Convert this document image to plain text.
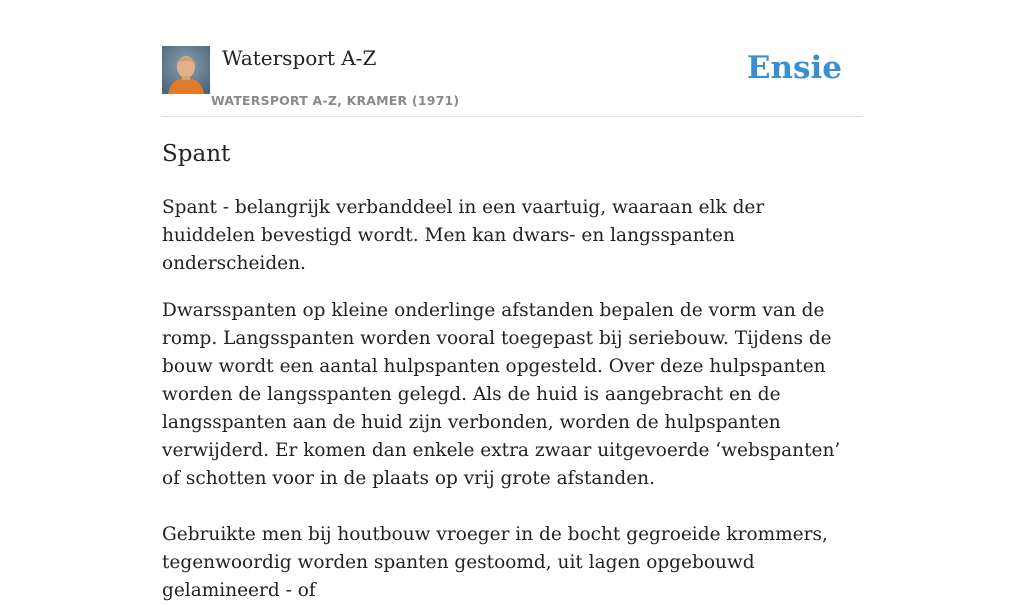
Watersport A-Z
WATERSPORT A-Z, KRAMER (1971)
Ensie
Spant

Spant - belangrijk verbanddeel in een vaartuig, waaraan elk der huiddelen bevestigd wordt. Men kan dwars- en langsspanten onderscheiden.

Dwarsspanten op kleine onderlinge afstanden bepalen de vorm van de romp. Langsspanten worden vooral toegepast bij seriebouw. Tijdens de bouw wordt een aantal hulpspanten opgesteld. Over deze hulpspanten worden de langsspanten gelegd. Als de huid is aangebracht en de langsspanten aan de huid zijn verbonden, worden de hulpspanten verwijderd. Er komen dan enkele extra zwaar uitgevoerde ‘webspanten’ of schotten voor in de plaats op vrij grote afstanden.

Gebruikte men bij houtbouw vroeger in de bocht gegroeide krommers, tegenwoordig worden spanten gestoomd, uit lagen opgebouwd gelamineerd - of
